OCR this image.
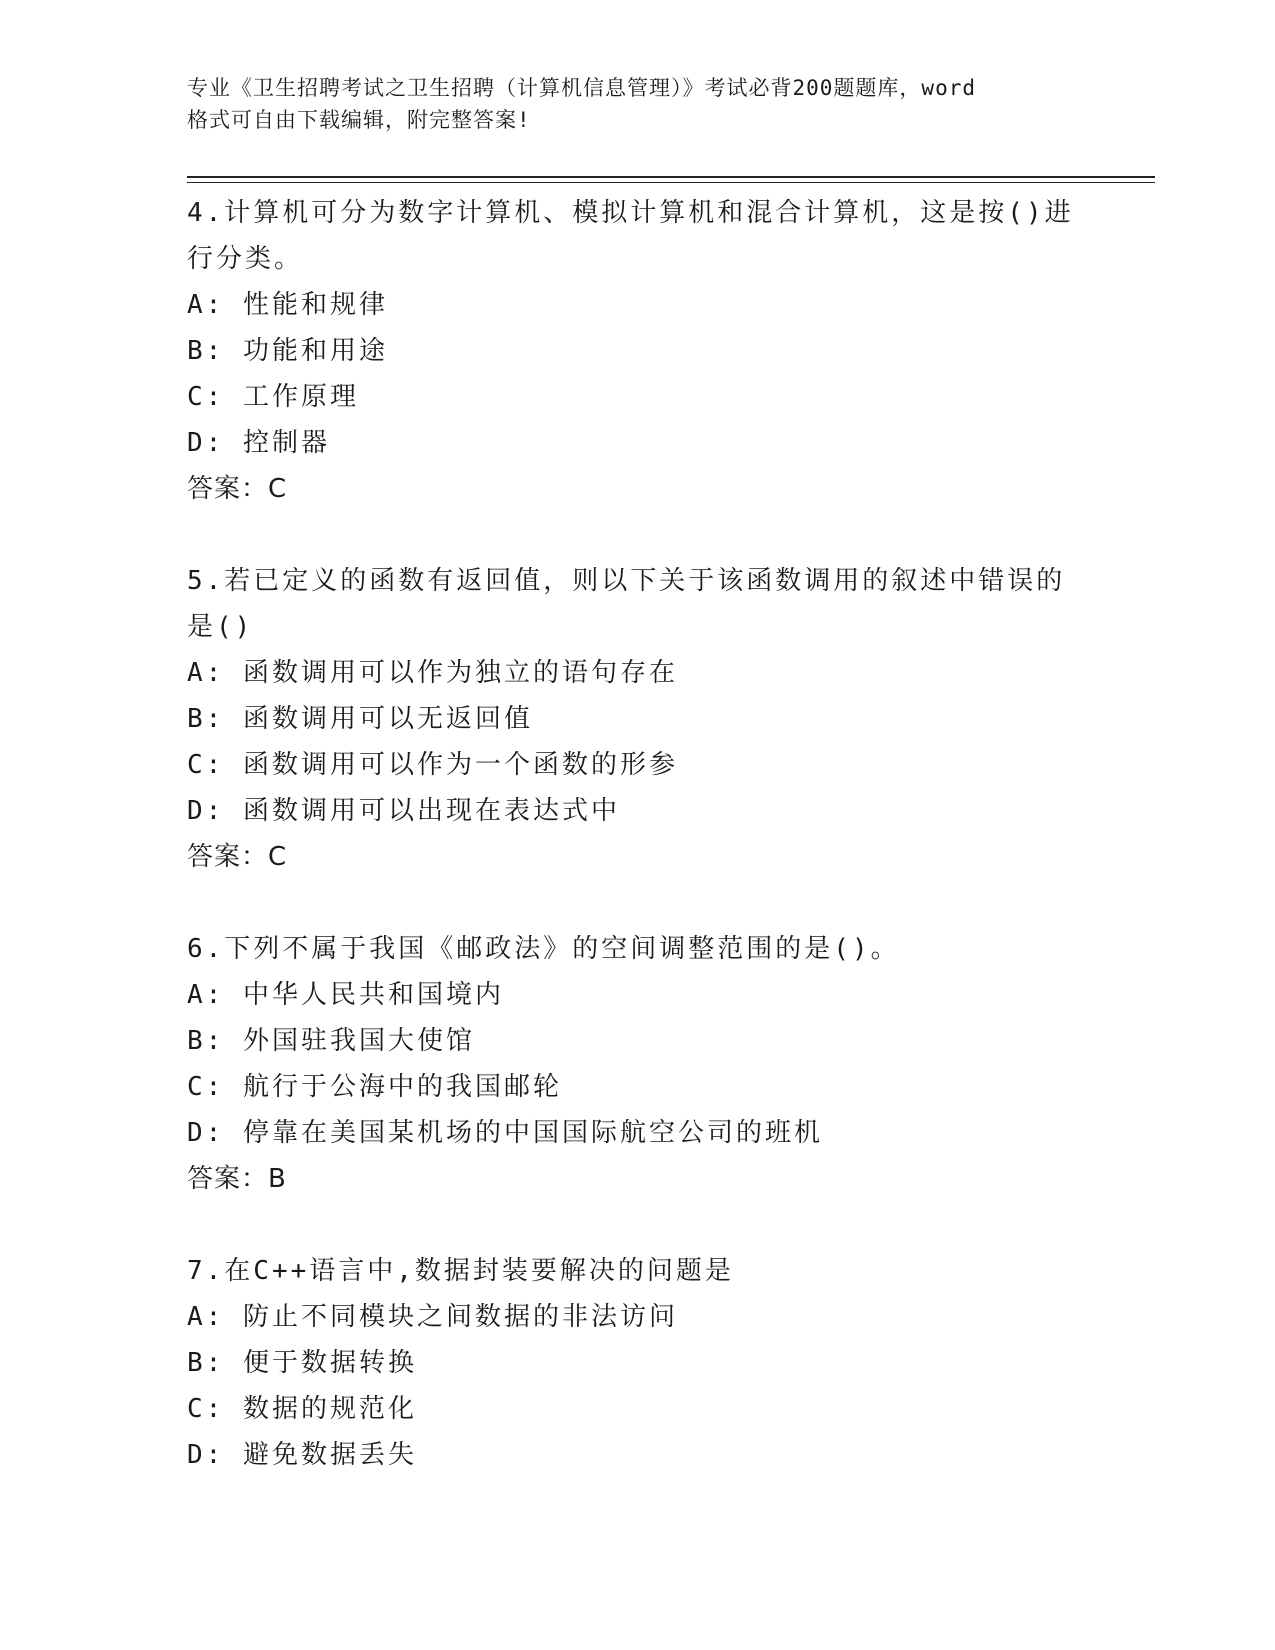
专业《卫生招聘考试之卫生招聘（计算机信息管理）》考试必背200题题库，word
格式可自由下载编辑，附完整答案!
4.计算机可分为数字计算机、模拟计算机和混合计算机，这是按()进
行分类。
A: 性能和规律
B: 功能和用途
C: 工作原理
D: 控制器
答案：C
5.若已定义的函数有返回值，则以下关于该函数调用的叙述中错误的
是()
A: 函数调用可以作为独立的语句存在
B: 函数调用可以无返回值
C: 函数调用可以作为一个函数的形参
D: 函数调用可以出现在表达式中
答案：C
6.下列不属于我国《邮政法》的空间调整范围的是()。
A: 中华人民共和国境内
B: 外国驻我国大使馆
C: 航行于公海中的我国邮轮
D: 停靠在美国某机场的中国国际航空公司的班机
答案：B
7.在C++语言中,数据封装要解决的问题是
A: 防止不同模块之间数据的非法访问
B: 便于数据转换
C: 数据的规范化
D: 避免数据丢失
